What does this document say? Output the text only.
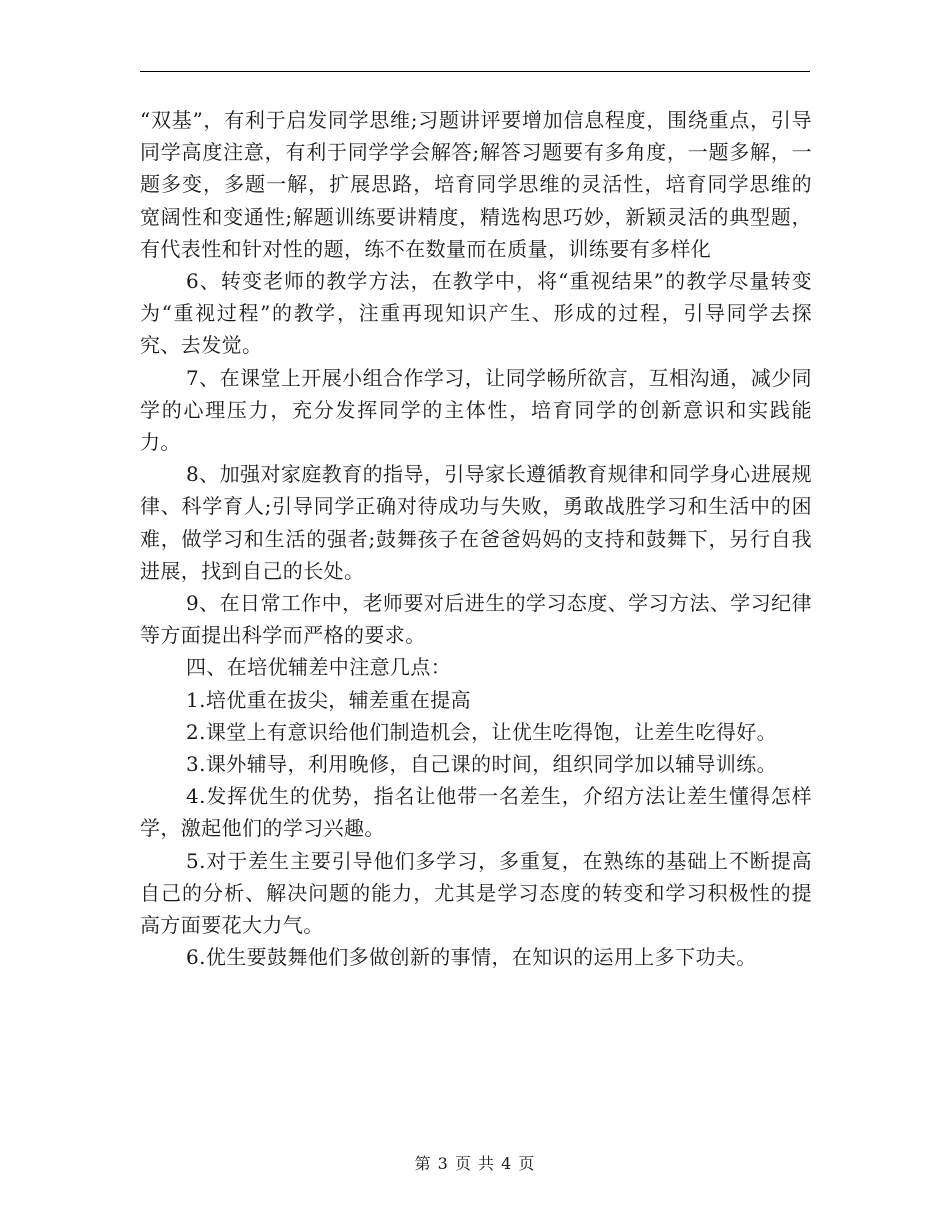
“双基”，有利于启发同学思维;习题讲评要增加信息程度，围绕重点，引导同学高度注意，有利于同学学会解答;解答习题要有多角度，一题多解，一题多变，多题一解，扩展思路，培育同学思维的灵活性，培育同学思维的宽阔性和变通性;解题训练要讲精度，精选构思巧妙，新颖灵活的典型题，有代表性和针对性的题，练不在数量而在质量，训练要有多样化

6、转变老师的教学方法，在教学中，将“重视结果”的教学尽量转变为“重视过程”的教学，注重再现知识产生、形成的过程，引导同学去探究、去发觉。

7、在课堂上开展小组合作学习，让同学畅所欲言，互相沟通，减少同学的心理压力，充分发挥同学的主体性，培育同学的创新意识和实践能力。

8、加强对家庭教育的指导，引导家长遵循教育规律和同学身心进展规律、科学育人;引导同学正确对待成功与失败，勇敢战胜学习和生活中的困难，做学习和生活的强者;鼓舞孩子在爸爸妈妈的支持和鼓舞下，另行自我进展，找到自己的长处。

9、在日常工作中，老师要对后进生的学习态度、学习方法、学习纪律等方面提出科学而严格的要求。

四、在培优辅差中注意几点：

1.培优重在拔尖，辅差重在提高

2.课堂上有意识给他们制造机会，让优生吃得饱，让差生吃得好。

3.课外辅导，利用晚修，自己课的时间，组织同学加以辅导训练。

4.发挥优生的优势，指名让他带一名差生，介绍方法让差生懂得怎样学，激起他们的学习兴趣。

5.对于差生主要引导他们多学习，多重复，在熟练的基础上不断提高自己的分析、解决问题的能力，尤其是学习态度的转变和学习积极性的提高方面要花大力气。

6.优生要鼓舞他们多做创新的事情，在知识的运用上多下功夫。

第 3 页 共 4 页
